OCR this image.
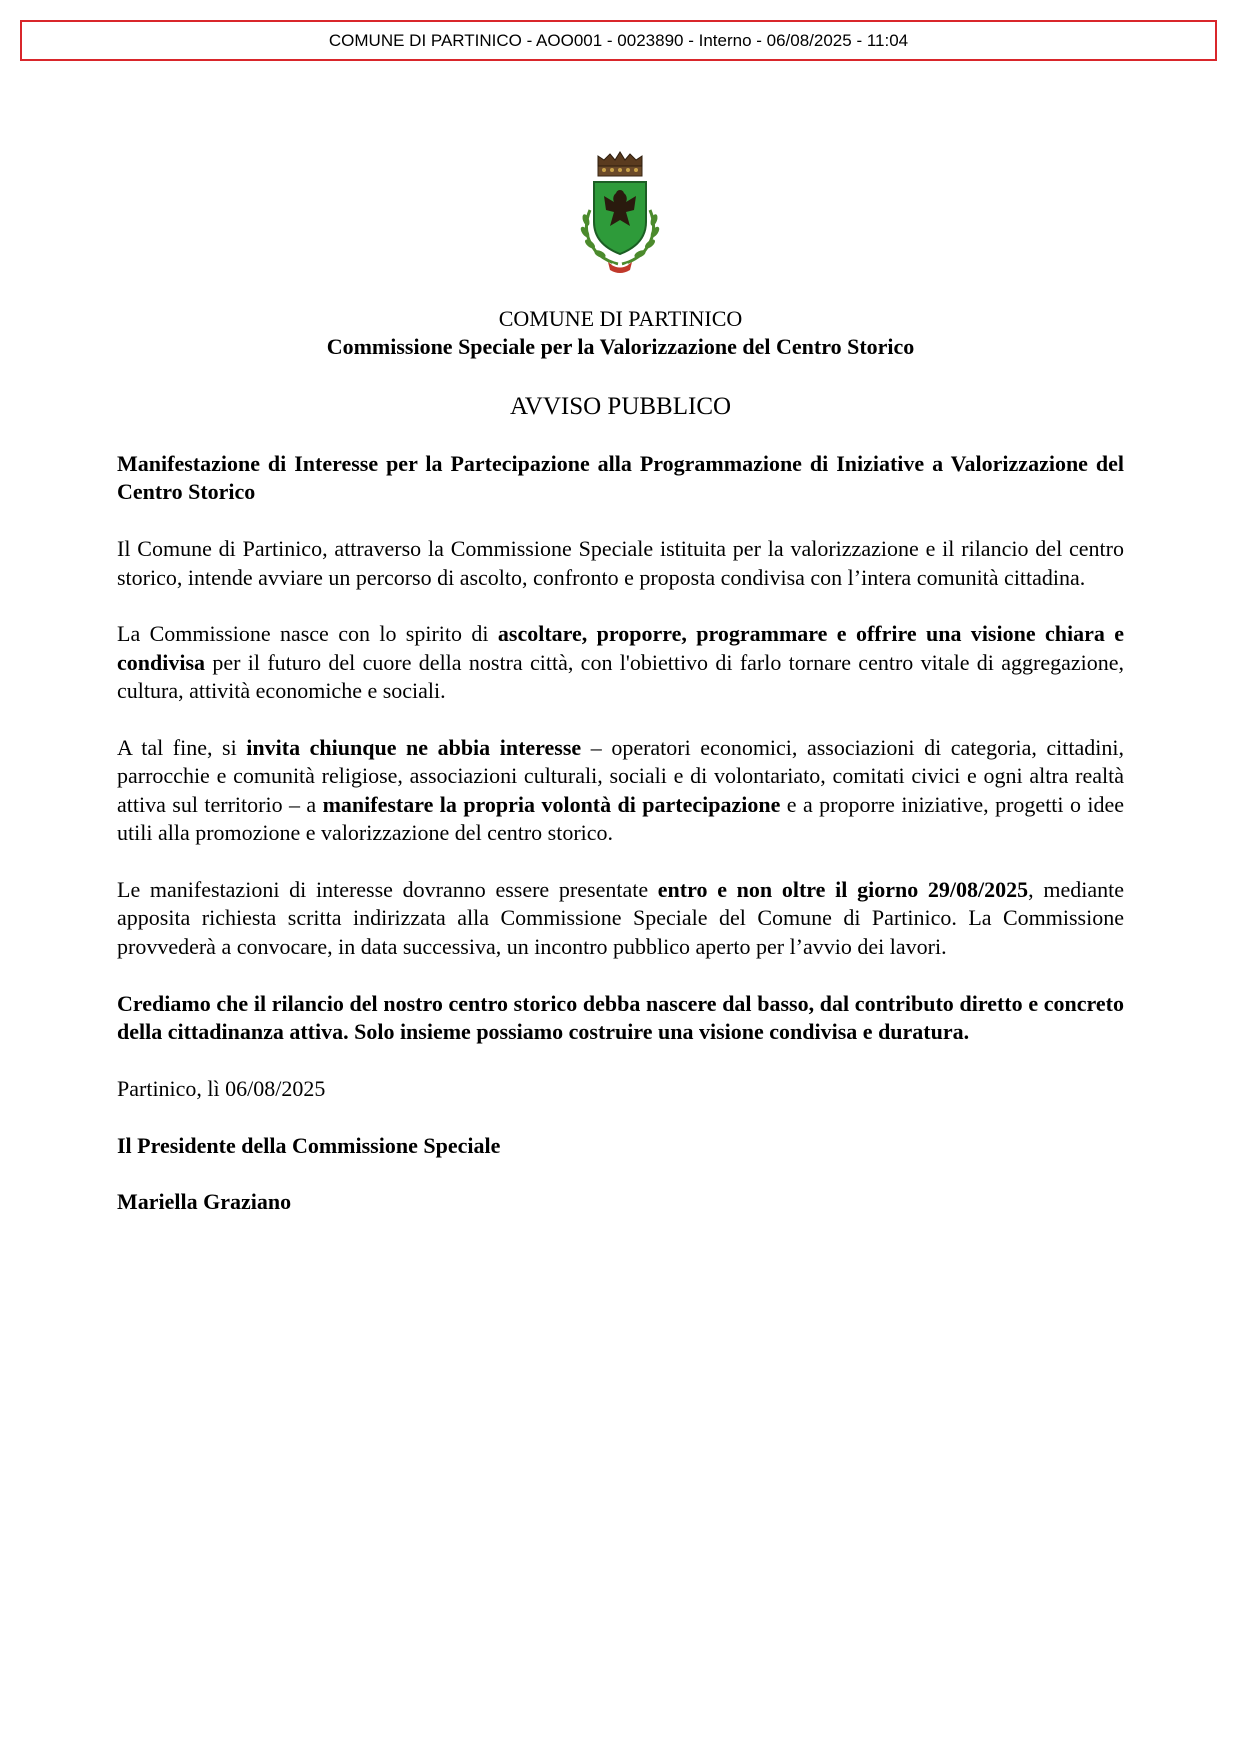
COMUNE DI PARTINICO - AOO001 - 0023890 - Interno - 06/08/2025 - 11:04
COMUNE DI PARTINICO
Commissione Speciale per la Valorizzazione del Centro Storico
AVVISO PUBBLICO

Manifestazione di Interesse per la Partecipazione alla Programmazione di Iniziative a Valorizzazione del Centro Storico

Il Comune di Partinico, attraverso la Commissione Speciale istituita per la valorizzazione e il rilancio del centro storico, intende avviare un percorso di ascolto, confronto e proposta condivisa con l’intera comunità cittadina.

La Commissione nasce con lo spirito di ascoltare, proporre, programmare e offrire una visione chiara e condivisa per il futuro del cuore della nostra città, con l'obiettivo di farlo tornare centro vitale di aggregazione, cultura, attività economiche e sociali.

A tal fine, si invita chiunque ne abbia interesse – operatori economici, associazioni di categoria, cittadini, parrocchie e comunità religiose, associazioni culturali, sociali e di volontariato, comitati civici e ogni altra realtà attiva sul territorio – a manifestare la propria volontà di partecipazione e a proporre iniziative, progetti o idee utili alla promozione e valorizzazione del centro storico.

Le manifestazioni di interesse dovranno essere presentate entro e non oltre il giorno 29/08/2025, mediante apposita richiesta scritta indirizzata alla Commissione Speciale del Comune di Partinico. La Commissione provvederà a convocare, in data successiva, un incontro pubblico aperto per l’avvio dei lavori.

Crediamo che il rilancio del nostro centro storico debba nascere dal basso, dal contributo diretto e concreto della cittadinanza attiva. Solo insieme possiamo costruire una visione condivisa e duratura.

Partinico, lì 06/08/2025

Il Presidente della Commissione Speciale

Mariella Graziano
